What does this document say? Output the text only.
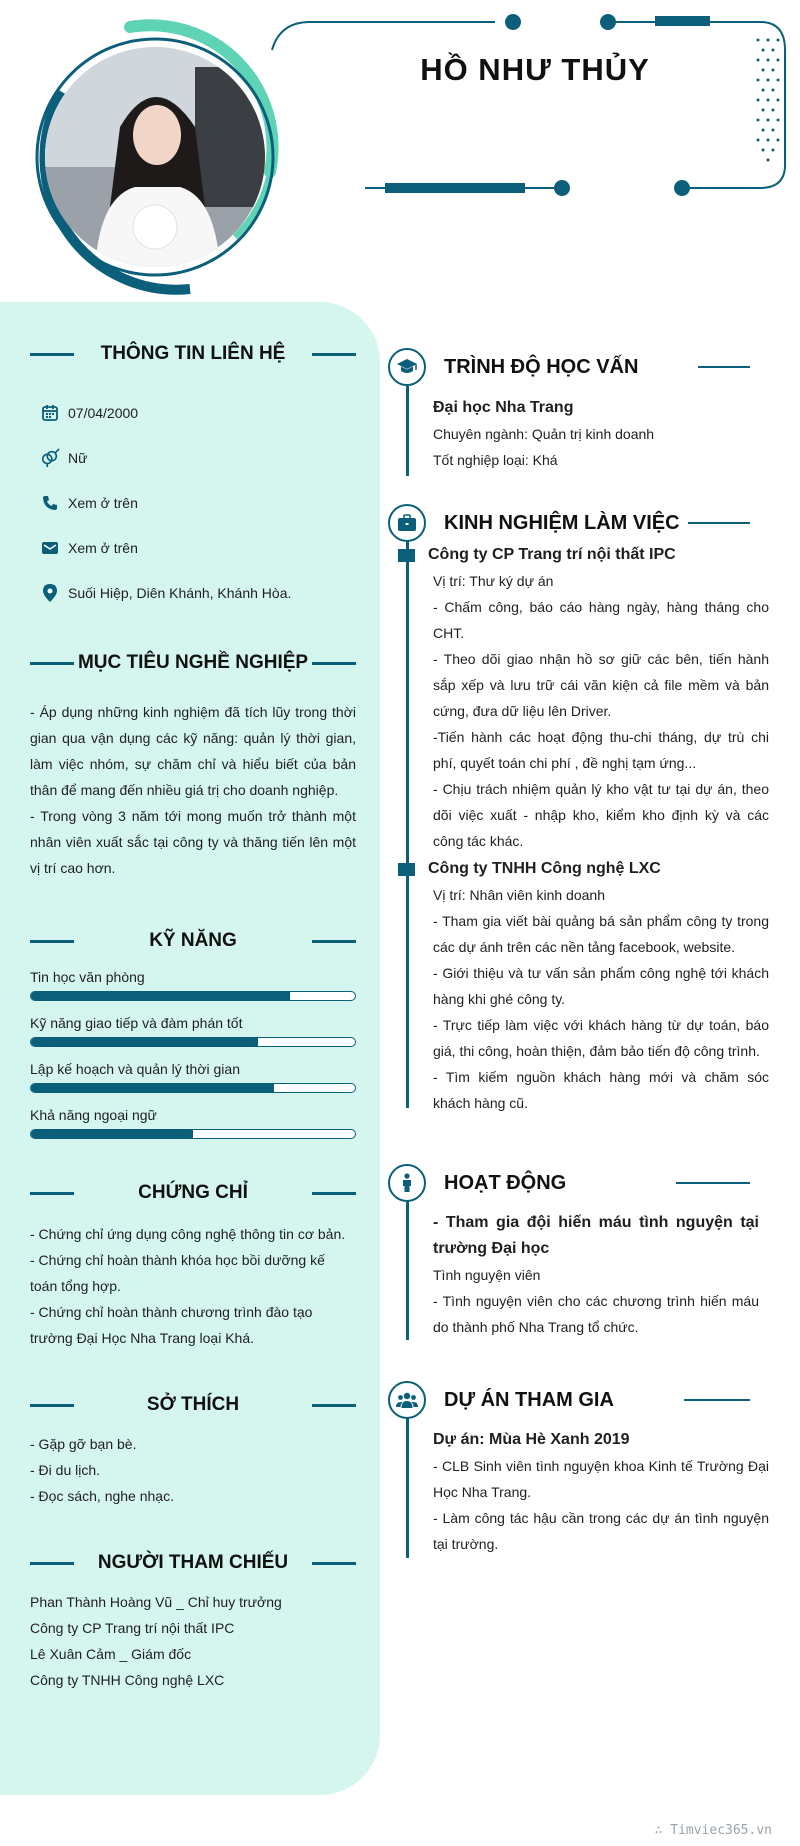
HỒ NHƯ THỦY
THÔNG TIN LIÊN HỆ
07/04/2000
Nữ
Xem ở trên
Xem ở trên
Suối Hiệp, Diên Khánh, Khánh Hòa.
MỤC TIÊU NGHỀ NGHIỆP

- Áp dụng những kinh nghiệm đã tích lũy trong thời gian qua vận dụng các kỹ năng: quản lý thời gian, làm việc nhóm, sự chăm chỉ và hiểu biết của bản thân để mang đến nhiều giá trị cho doanh nghiệp.

- Trong vòng 3 năm tới mong muốn trở thành một nhân viên xuất sắc tại công ty và thăng tiến lên một vị trí cao hơn.

KỸ NĂNG
Tin học văn phòng
Kỹ năng giao tiếp và đàm phán tốt
Lập kế hoạch và quản lý thời gian
Khả năng ngoại ngữ
CHỨNG CHỈ

- Chứng chỉ ứng dụng công nghệ thông tin cơ bản.

- Chứng chỉ hoàn thành khóa học bồi dưỡng kế toán tổng hợp.

- Chứng chỉ hoàn thành chương trình đào tạo trường Đại Học Nha Trang loại Khá.

SỞ THÍCH

- Gặp gỡ bạn bè.

- Đi du lịch.

- Đọc sách, nghe nhạc.

NGƯỜI THAM CHIẾU

Phan Thành Hoàng Vũ _ Chỉ huy trưởng

Công ty CP Trang trí nội thất IPC

Lê Xuân Cảm _ Giám đốc

Công ty TNHH Công nghệ LXC

TRÌNH ĐỘ HỌC VẤN
Đại học Nha Trang
Chuyên ngành: Quản trị kinh doanh
Tốt nghiệp loại: Khá
KINH NGHIỆM LÀM VIỆC
Công ty CP Trang trí nội thất IPC
Vị trí: Thư ký dự án
- Chấm công, báo cáo hàng ngày, hàng tháng cho CHT.
- Theo dõi giao nhận hồ sơ giữ các bên, tiến hành sắp xếp và lưu trữ cái văn kiện cả file mềm và bản cứng, đưa dữ liệu lên Driver.
-Tiến hành các hoạt động thu-chi tháng, dự trù chi phí, quyết toán chi phí , đề nghị tạm ứng...
- Chịu trách nhiệm quản lý kho vật tư tại dự án, theo dõi việc xuất - nhập kho, kiểm kho định kỳ và các công tác khác.
Công ty TNHH Công nghệ LXC
Vị trí: Nhân viên kinh doanh
- Tham gia viết bài quảng bá sản phẩm công ty trong các dự ánh trên các nền tảng facebook, website.
- Giới thiệu và tư vấn sản phẩm công nghệ tới khách hàng khi ghé công ty.
- Trực tiếp làm việc với khách hàng từ dự toán, báo giá, thi công, hoàn thiện, đảm bảo tiến độ công trình.
- Tìm kiếm nguồn khách hàng mới và chăm sóc khách hàng cũ.
HOẠT ĐỘNG
- Tham gia đội hiến máu tình nguyện tại trường Đại học
Tình nguyện viên
- Tình nguyện viên cho các chương trình hiến máu do thành phố Nha Trang tổ chức.
DỰ ÁN THAM GIA
Dự án: Mùa Hè Xanh 2019
- CLB Sinh viên tình nguyện khoa Kinh tế Trường Đại Học Nha Trang.
- Làm công tác hậu cần trong các dự án tình nguyện tại trường.
∴ Timviec365.vn
